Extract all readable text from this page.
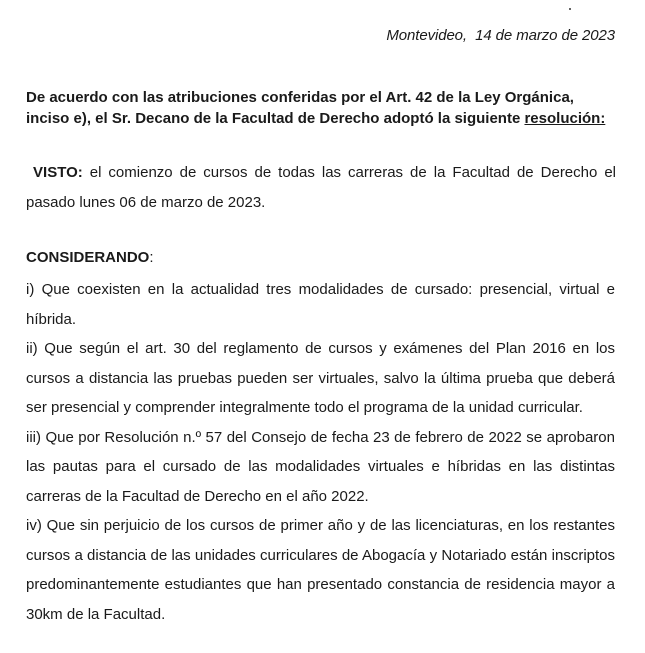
Montevideo,  14 de marzo de 2023
De acuerdo con las atribuciones conferidas por el Art. 42 de la Ley Orgánica, inciso e), el Sr. Decano de la Facultad de Derecho adoptó la siguiente resolución:
VISTO: el comienzo de cursos de todas las carreras de la Facultad de Derecho el pasado lunes 06 de marzo de 2023.
CONSIDERANDO:

i) Que coexisten en la actualidad tres modalidades de cursado: presencial, virtual e híbrida.

ii) Que según el art. 30 del reglamento de cursos y exámenes del Plan 2016 en los cursos a distancia las pruebas pueden ser virtuales, salvo la última prueba que deberá ser presencial y comprender integralmente todo el programa de la unidad curricular.

iii) Que por Resolución n.º 57 del Consejo de fecha 23 de febrero de 2022 se aprobaron las pautas para el cursado de las modalidades virtuales e híbridas en las distintas carreras de la Facultad de Derecho en el año 2022.

iv) Que sin perjuicio de los cursos de primer año y de las licenciaturas, en los restantes cursos a distancia de las unidades curriculares de Abogacía y Notariado están inscriptos predominantemente estudiantes que han presentado constancia de residencia mayor a 30km de la Facultad.
